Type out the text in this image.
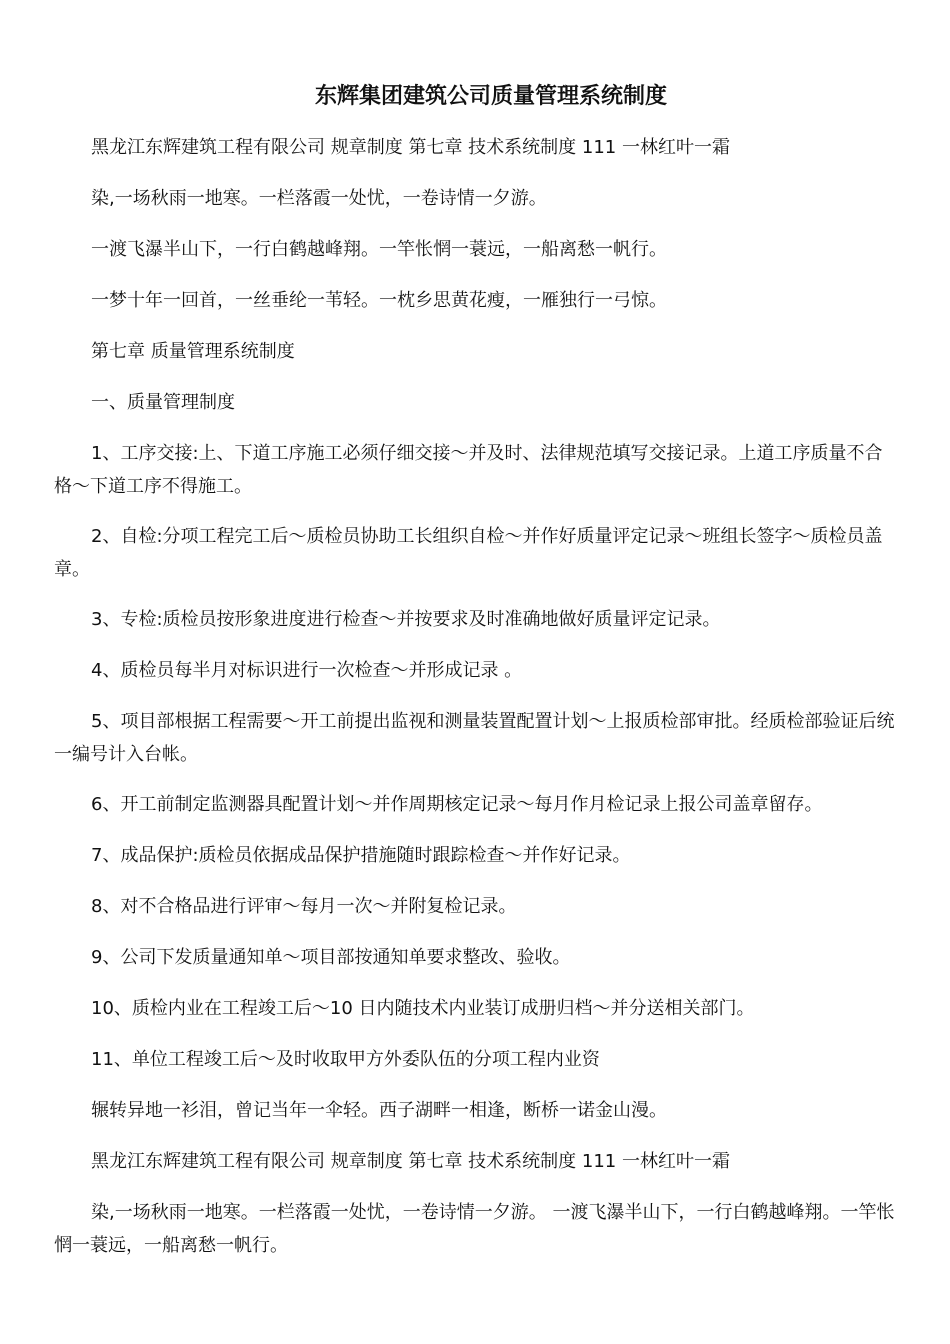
东辉集团建筑公司质量管理系统制度

黑龙江东辉建筑工程有限公司 规章制度 第七章 技术系统制度 111 一林红叶一霜

染,一场秋雨一地寒。一栏落霞一处忧，一卷诗情一夕游。

一渡飞瀑半山下，一行白鹤越峰翔。一竿怅惘一蓑远，一船离愁一帆行。

一梦十年一回首，一丝垂纶一苇轻。一枕乡思黄花瘦，一雁独行一弓惊。

第七章 质量管理系统制度

一、质量管理制度

1、工序交接:上、下道工序施工必须仔细交接～并及时、法律规范填写交接记录。上道工序质量不合格～下道工序不得施工。

2、自检:分项工程完工后～质检员协助工长组织自检～并作好质量评定记录～班组长签字～质检员盖章。

3、专检:质检员按形象进度进行检查～并按要求及时准确地做好质量评定记录。

4、质检员每半月对标识进行一次检查～并形成记录 。

5、项目部根据工程需要～开工前提出监视和测量装置配置计划～上报质检部审批。经质检部验证后统一编号计入台帐。

6、开工前制定监测器具配置计划～并作周期核定记录～每月作月检记录上报公司盖章留存。

7、成品保护:质检员依据成品保护措施随时跟踪检查～并作好记录。

8、对不合格品进行评审～每月一次～并附复检记录。

9、公司下发质量通知单～项目部按通知单要求整改、验收。

10、质检内业在工程竣工后～10 日内随技术内业装订成册归档～并分送相关部门。

11、单位工程竣工后～及时收取甲方外委队伍的分项工程内业资

辗转异地一衫泪，曾记当年一伞轻。西子湖畔一相逢，断桥一诺金山漫。

黑龙江东辉建筑工程有限公司 规章制度 第七章 技术系统制度 111 一林红叶一霜

染,一场秋雨一地寒。一栏落霞一处忧，一卷诗情一夕游。 一渡飞瀑半山下，一行白鹤越峰翔。一竿怅惘一蓑远，一船离愁一帆行。
